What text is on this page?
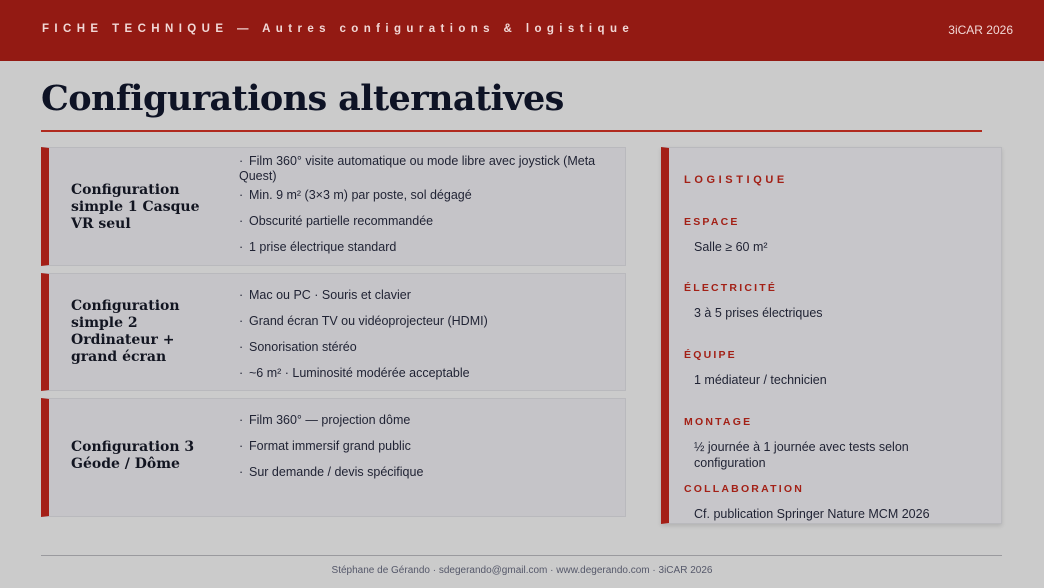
FICHE TECHNIQUE — Autres configurations & logistique	3iCAR 2026
Configurations alternatives
Configuration simple 1 Casque VR seul
· Film 360° visite automatique ou mode libre avec joystick (Meta Quest)
· Min. 9 m² (3×3 m) par poste, sol dégagé
· Obscurité partielle recommandée
· 1 prise électrique standard
Configuration simple 2 Ordinateur + grand écran
· Mac ou PC · Souris et clavier
· Grand écran TV ou vidéoprojecteur (HDMI)
· Sonorisation stéréo
· ~6 m² · Luminosité modérée acceptable
Configuration 3 Géode / Dôme
· Film 360° — projection dôme
· Format immersif grand public
· Sur demande / devis spécifique
LOGISTIQUE
ESPACE
Salle ≥ 60 m²
ÉLECTRICITÉ
3 à 5 prises électriques
ÉQUIPE
1 médiateur / technicien
MONTAGE
½ journée à 1 journée avec tests selon configuration
COLLABORATION
Cf. publication Springer Nature MCM 2026
Stéphane de Gérando · sdegerando@gmail.com · www.degerando.com · 3iCAR 2026
